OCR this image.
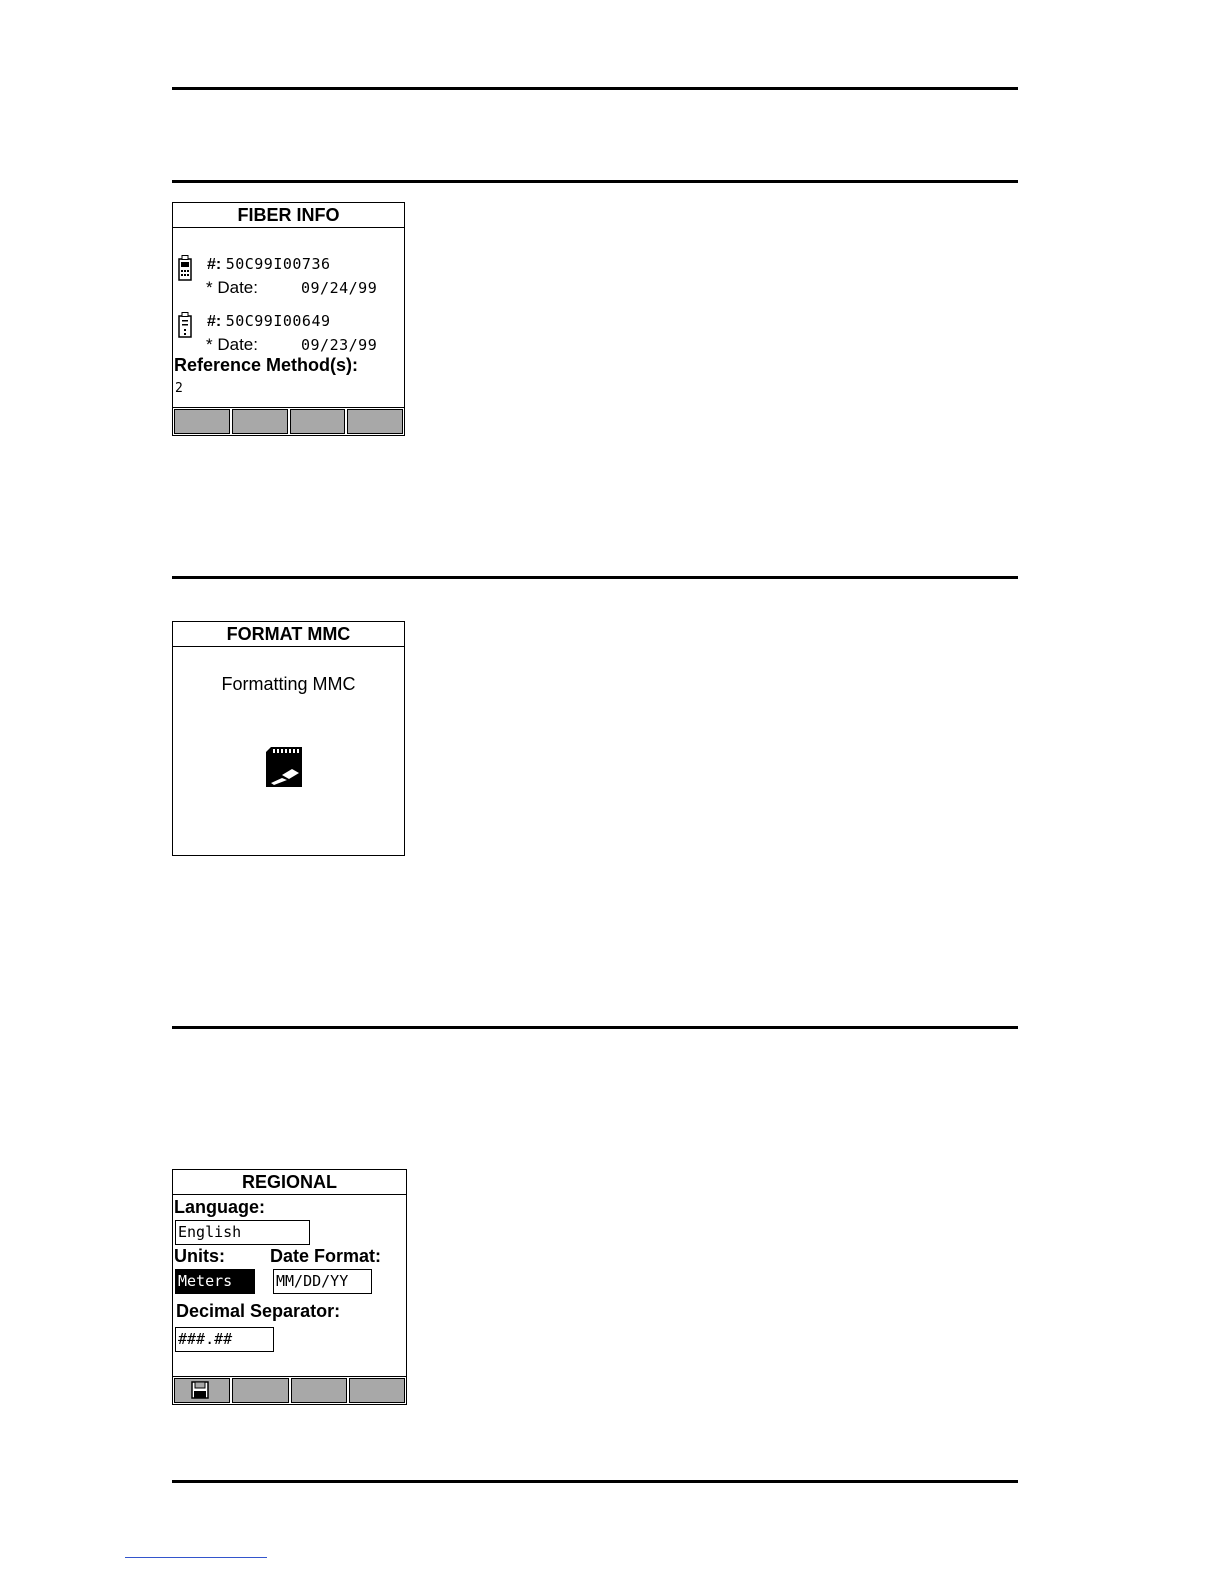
FIBER INFO
#: 50C99I00736
* Date:	09/24/99
#: 50C99I00649
* Date:	09/23/99
Reference Method(s):
2
FORMAT MMC
Formatting MMC
REGIONAL
Language:
English
Units:	Date Format:
Meters	MM/DD/YY
Decimal Separator:
###.##
